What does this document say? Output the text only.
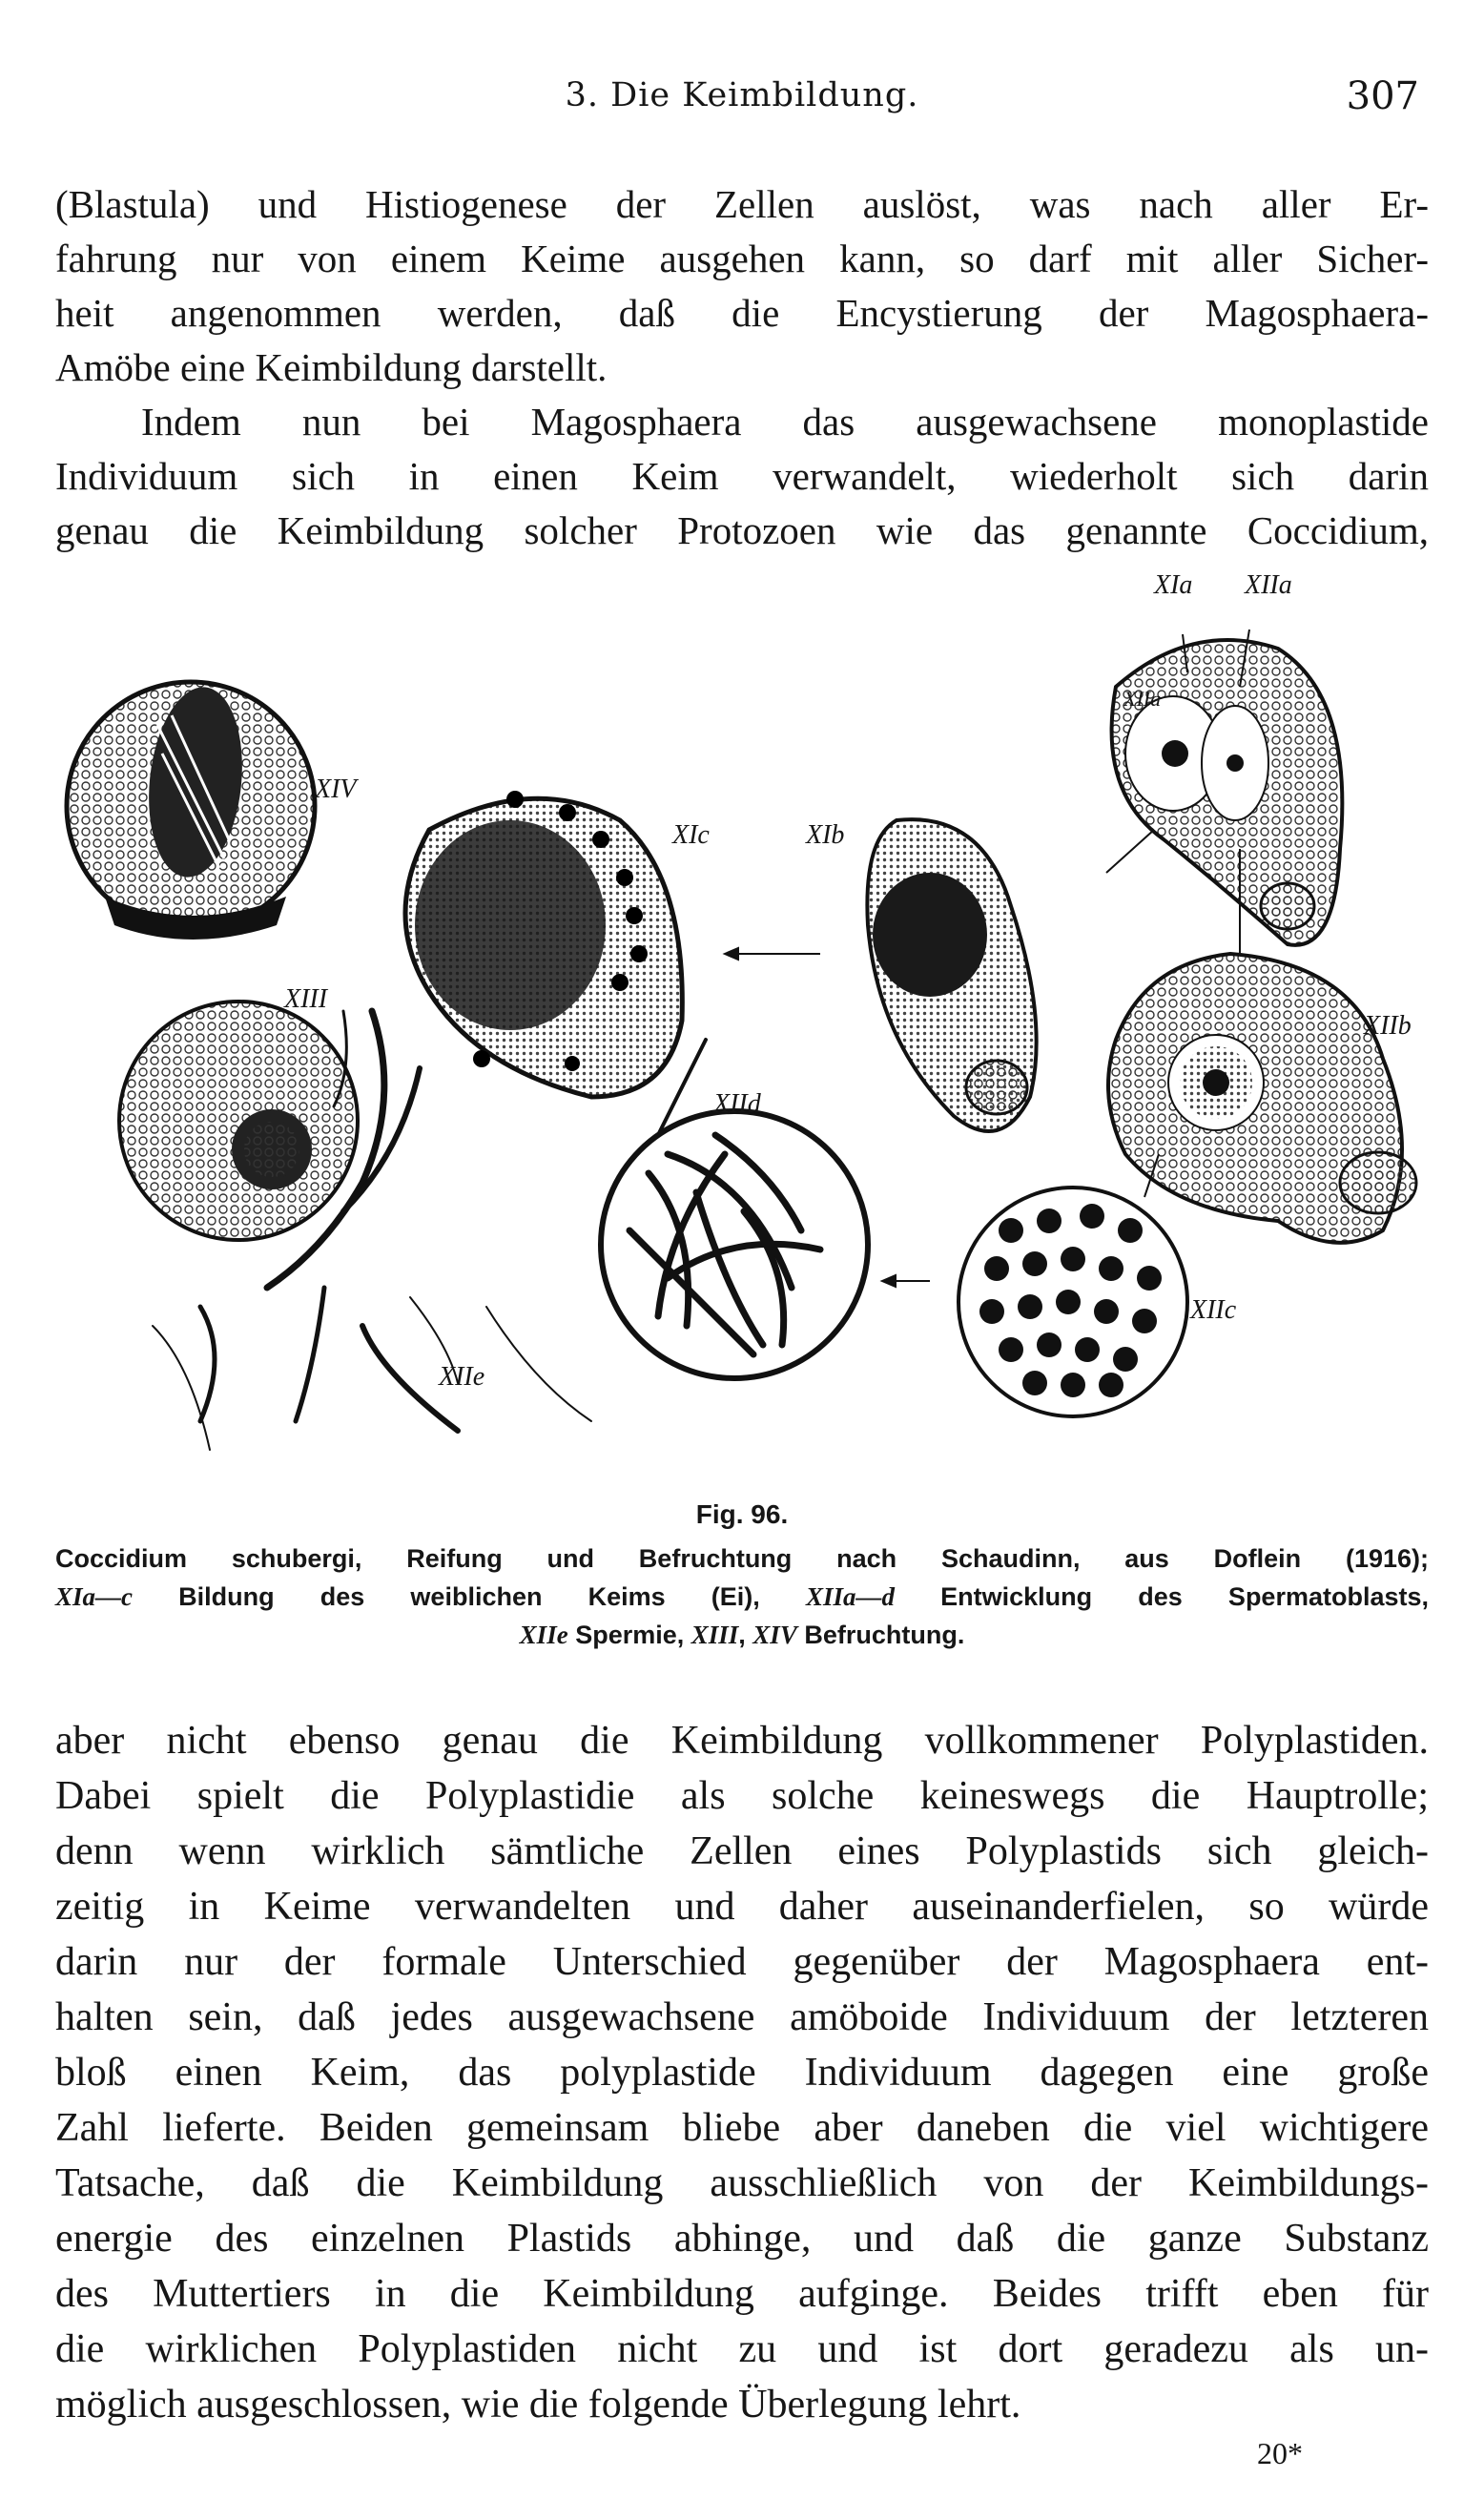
3. Die Keimbildung.	307
(Blastula) und Histiogenese der Zellen auslöst, was nach aller Er-
fahrung nur von einem Keime ausgehen kann, so darf mit aller Sicher-
heit angenommen werden, daß die Encystierung der Magosphaera-
Amöbe eine Keimbildung darstellt.
Indem nun bei Magosphaera das ausgewachsene monoplastide
Individuum sich in einen Keim verwandelt, wiederholt sich darin
genau die Keimbildung solcher Protozoen wie das genannte Coccidium,
XIa XIIa
XIV
XIII
XIc	XIb
XIIa
XIIb
XIId
XIIc
XIIe
Fig. 96.
Coccidium schubergi, Reifung und Befruchtung nach Schaudinn, aus Doflein (1916);
XIa—c Bildung des weiblichen Keims (Ei), XIIa—d Entwicklung des Spermatoblasts,
XIIe Spermie, XIII, XIV Befruchtung.
aber nicht ebenso genau die Keimbildung vollkommener Polyplastiden.
Dabei spielt die Polyplastidie als solche keineswegs die Hauptrolle;
denn wenn wirklich sämtliche Zellen eines Polyplastids sich gleich-
zeitig in Keime verwandelten und daher auseinanderfielen, so würde
darin nur der formale Unterschied gegenüber der Magosphaera ent-
halten sein, daß jedes ausgewachsene amöboide Individuum der letzteren
bloß einen Keim, das polyplastide Individuum dagegen eine große
Zahl lieferte. Beiden gemeinsam bliebe aber daneben die viel wichtigere
Tatsache, daß die Keimbildung ausschließlich von der Keimbildungs-
energie des einzelnen Plastids abhinge, und daß die ganze Substanz
des Muttertiers in die Keimbildung aufginge. Beides trifft eben für
die wirklichen Polyplastiden nicht zu und ist dort geradezu als un-
möglich ausgeschlossen, wie die folgende Überlegung lehrt.
20*
